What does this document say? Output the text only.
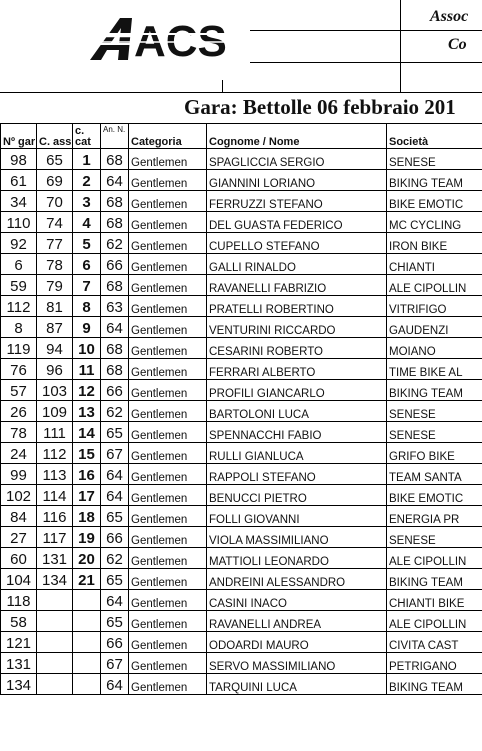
ACS
Assoc
Co
Gara: Bettolle 06 febbraio 201
Nº gar	C. ass	c. cat	An. N.	Categoria	Cognome / Nome	Società
98	65	1	68	Gentlemen	SPAGLICCIA SERGIO	SENESE
61	69	2	64	Gentlemen	GIANNINI LORIANO	BIKING TEAM
34	70	3	68	Gentlemen	FERRUZZI STEFANO	BIKE EMOTIC
110	74	4	68	Gentlemen	DEL GUASTA FEDERICO	MC CYCLING
92	77	5	62	Gentlemen	CUPELLO STEFANO	IRON BIKE
6	78	6	66	Gentlemen	GALLI RINALDO	CHIANTI
59	79	7	68	Gentlemen	RAVANELLI FABRIZIO	ALE CIPOLLIN
112	81	8	63	Gentlemen	PRATELLI ROBERTINO	VITRIFIGO
8	87	9	64	Gentlemen	VENTURINI RICCARDO	GAUDENZI
119	94	10	68	Gentlemen	CESARINI ROBERTO	MOIANO
76	96	11	68	Gentlemen	FERRARI ALBERTO	TIME BIKE AL
57	103	12	66	Gentlemen	PROFILI GIANCARLO	BIKING TEAM
26	109	13	62	Gentlemen	BARTOLONI LUCA	SENESE
78	111	14	65	Gentlemen	SPENNACCHI FABIO	SENESE
24	112	15	67	Gentlemen	RULLI GIANLUCA	GRIFO BIKE
99	113	16	64	Gentlemen	RAPPOLI STEFANO	TEAM SANTA
102	114	17	64	Gentlemen	BENUCCI PIETRO	BIKE EMOTIC
84	116	18	65	Gentlemen	FOLLI GIOVANNI	ENERGIA PR
27	117	19	66	Gentlemen	VIOLA MASSIMILIANO	SENESE
60	131	20	62	Gentlemen	MATTIOLI LEONARDO	ALE CIPOLLIN
104	134	21	65	Gentlemen	ANDREINI ALESSANDRO	BIKING TEAM
118			64	Gentlemen	CASINI INACO	CHIANTI BIKE
58			65	Gentlemen	RAVANELLI ANDREA	ALE CIPOLLIN
121			66	Gentlemen	ODOARDI MAURO	CIVITA CAST
131			67	Gentlemen	SERVO MASSIMILIANO	PETRIGANO
134			64	Gentlemen	TARQUINI LUCA	BIKING TEAM
